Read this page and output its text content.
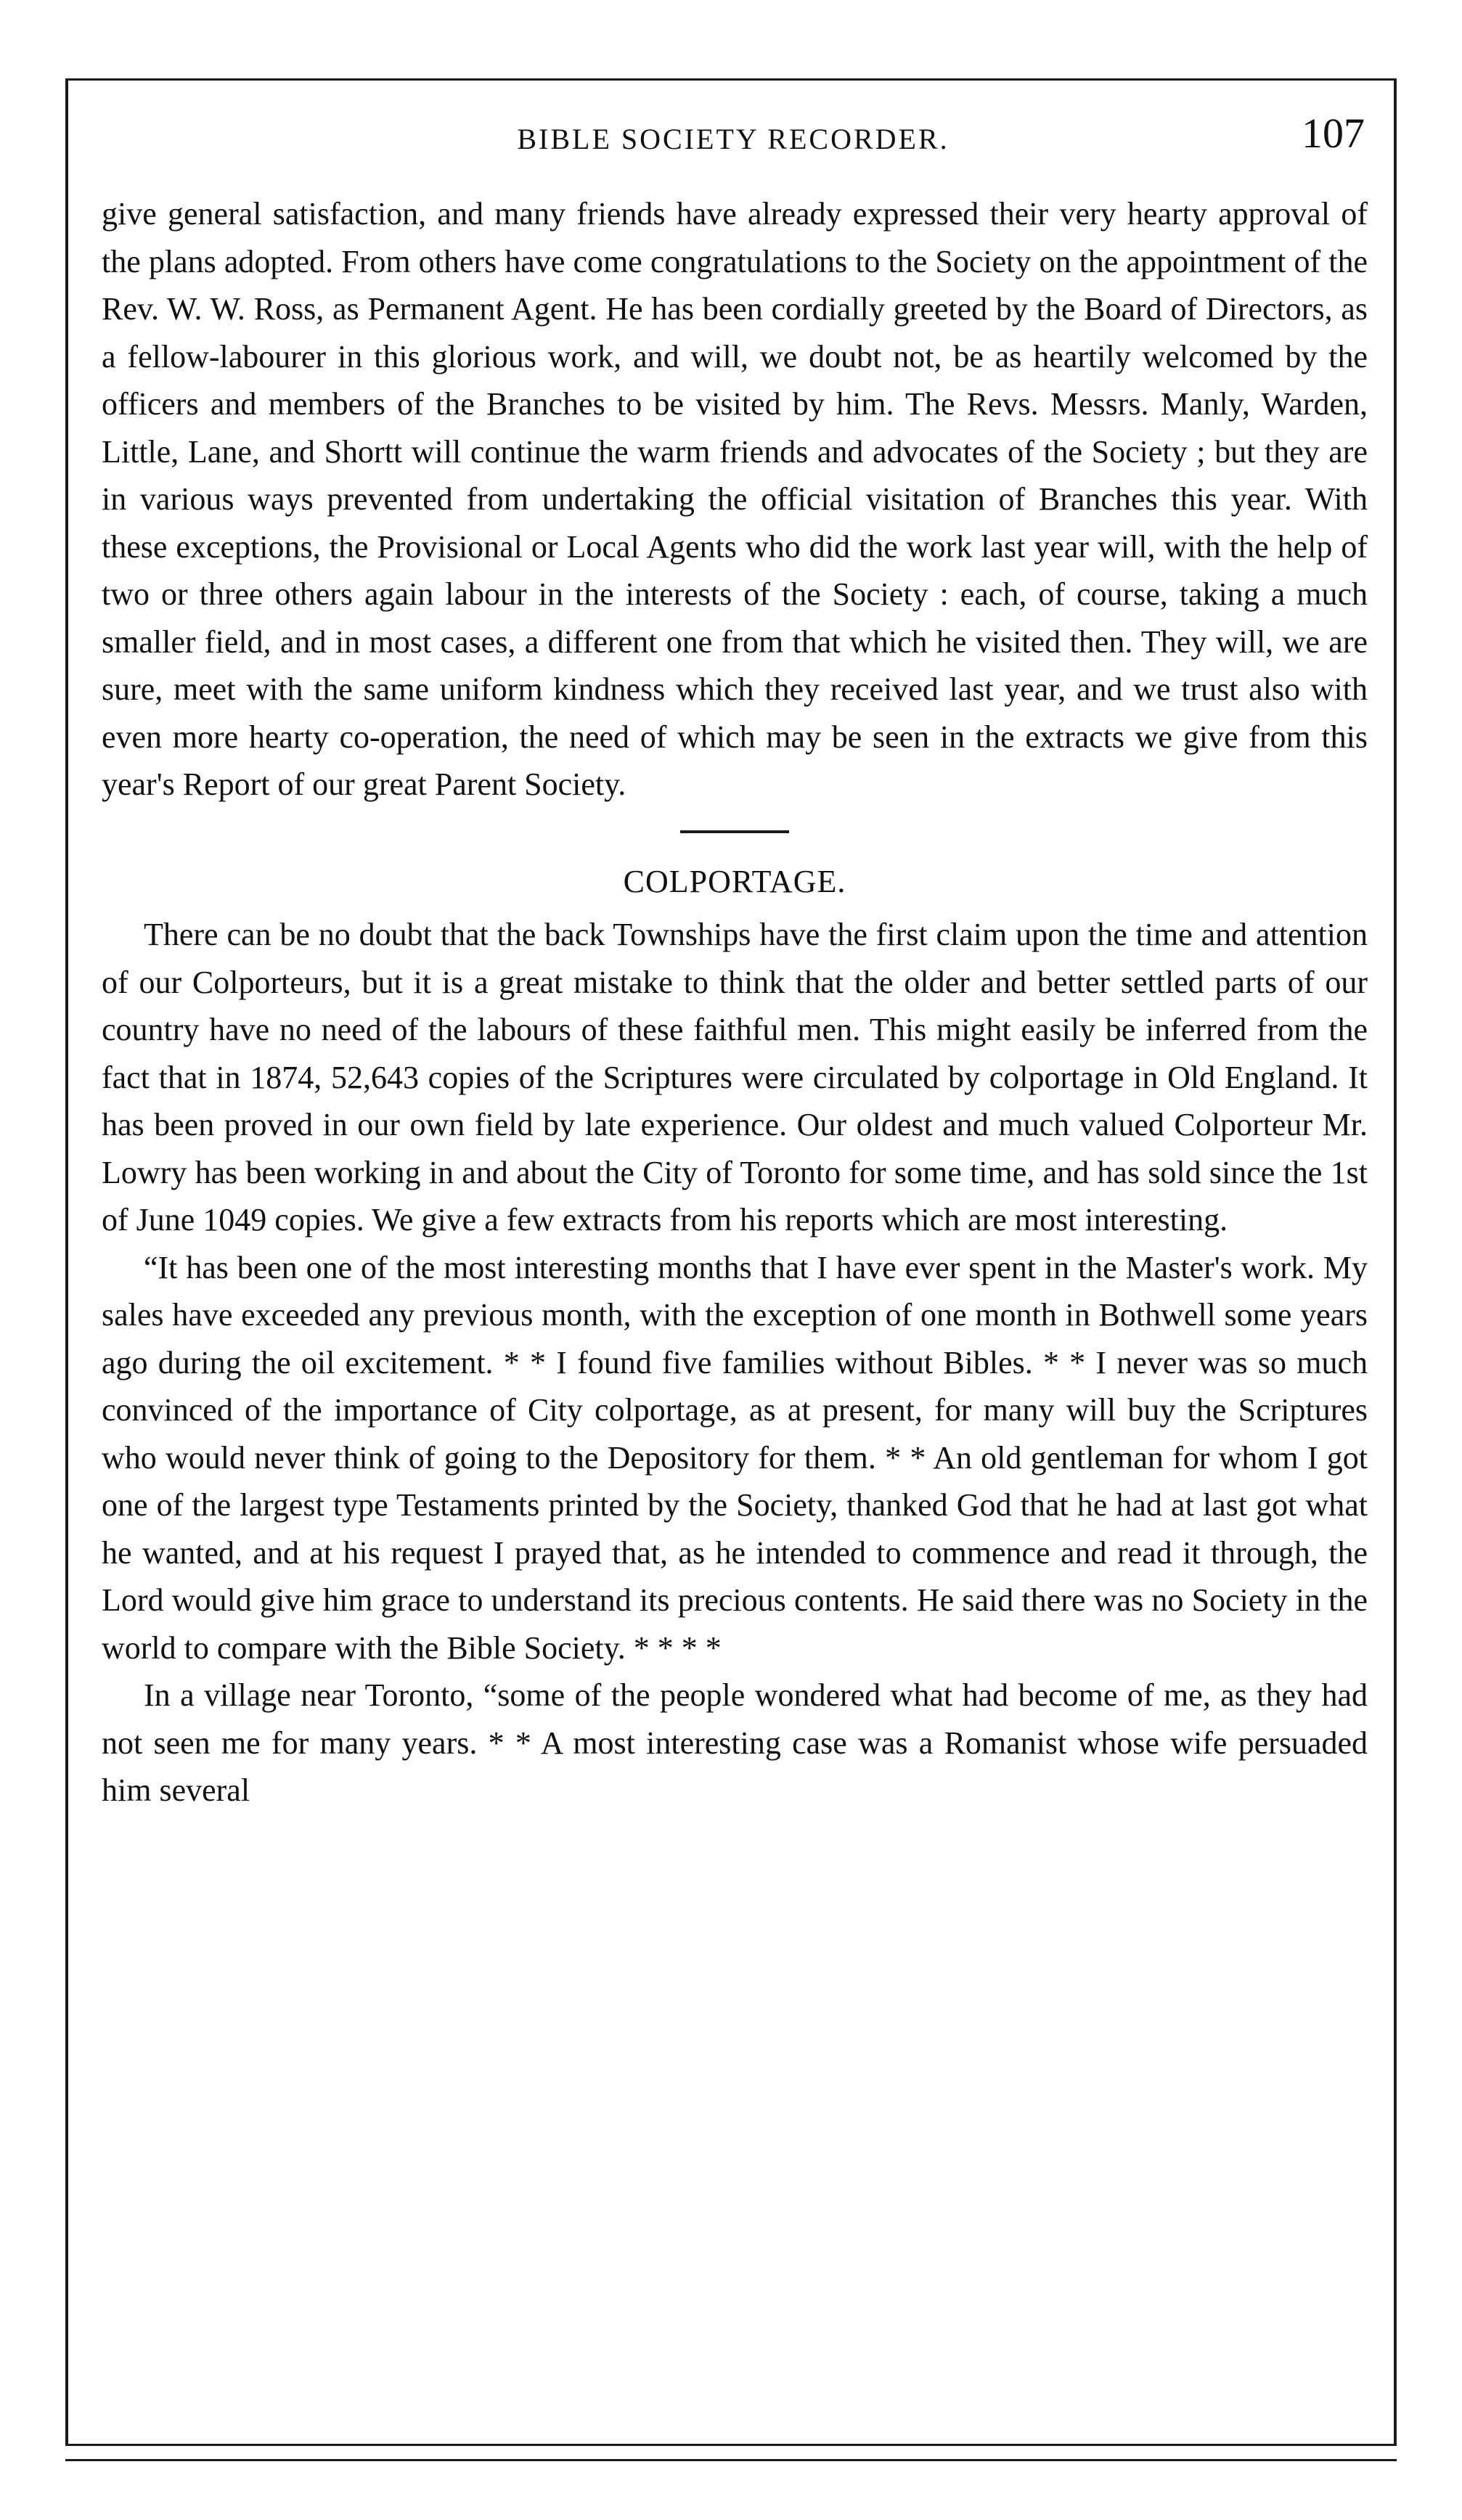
BIBLE SOCIETY RECORDER.	107

give general satisfaction, and many friends have already expressed their very hearty approval of the plans adopted. From others have come congratulations to the Society on the appointment of the Rev. W. W. Ross, as Permanent Agent. He has been cordially greeted by the Board of Directors, as a fellow-labourer in this glorious work, and will, we doubt not, be as heartily welcomed by the officers and members of the Branches to be visited by him. The Revs. Messrs. Manly, Warden, Little, Lane, and Shortt will continue the warm friends and advocates of the Society ; but they are in various ways prevented from undertaking the official visitation of Branches this year. With these exceptions, the Provisional or Local Agents who did the work last year will, with the help of two or three others again labour in the interests of the Society : each, of course, taking a much smaller field, and in most cases, a different one from that which he visited then. They will, we are sure, meet with the same uniform kindness which they received last year, and we trust also with even more hearty co-operation, the need of which may be seen in the extracts we give from this year's Report of our great Parent Society.

COLPORTAGE.

There can be no doubt that the back Townships have the first claim upon the time and attention of our Colporteurs, but it is a great mistake to think that the older and better settled parts of our country have no need of the labours of these faithful men. This might easily be inferred from the fact that in 1874, 52,643 copies of the Scriptures were circulated by colportage in Old England. It has been proved in our own field by late experience. Our oldest and much valued Colporteur Mr. Lowry has been working in and about the City of Toronto for some time, and has sold since the 1st of June 1049 copies. We give a few extracts from his reports which are most interesting.

“It has been one of the most interesting months that I have ever spent in the Master's work. My sales have exceeded any previous month, with the exception of one month in Bothwell some years ago during the oil excitement. * * I found five families without Bibles. * * I never was so much convinced of the importance of City colportage, as at present, for many will buy the Scriptures who would never think of going to the Depository for them. * * An old gentleman for whom I got one of the largest type Testaments printed by the Society, thanked God that he had at last got what he wanted, and at his request I prayed that, as he intended to commence and read it through, the Lord would give him grace to understand its precious contents. He said there was no Society in the world to compare with the Bible Society. * * * *

In a village near Toronto, “some of the people wondered what had become of me, as they had not seen me for many years. * * A most interesting case was a Romanist whose wife persuaded him several
